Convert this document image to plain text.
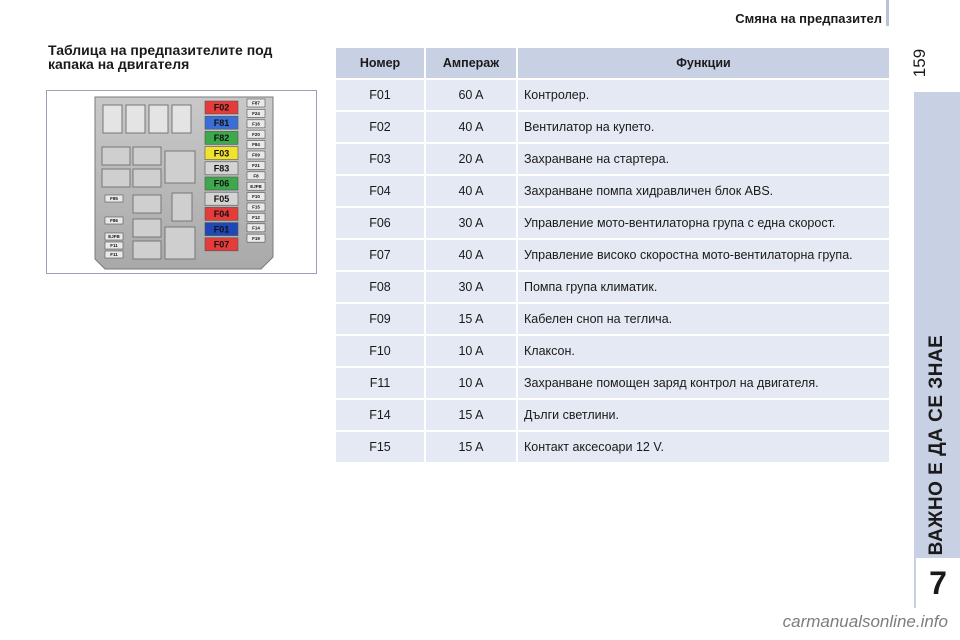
Смяна на предпазител
159
ВАЖНО Е ДА СЕ ЗНАЕ
7
Таблица на предпазителите под капака на двигателя
F02
F81
F82
F03
F83
F06
F05
F04
F01
F07
F87
F24
F16
F20
F84
F09
F21
F8
EJFB
F10
F15
F12
F14
F19
F85
F86
EJFB
F11
F11
Номер	Ампераж	Функции
F01	60 A	Контролер.
F02	40 A	Вентилатор на купето.
F03	20 A	Захранване на стартера.
F04	40 A	Захранване помпа хидравличен блок ABS.
F06	30 A	Управление мото-вентилаторна група с една скорост.
F07	40 A	Управление високо скоростна мото-вентилаторна група.
F08	30 A	Помпа група климатик.
F09	15 A	Кабелен сноп на теглича.
F10	10 A	Клаксон.
F11	10 A	Захранване помощен заряд контрол на двигателя.
F14	15 A	Дълги светлини.
F15	15 A	Контакт аксесоари 12 V.
carmanualsonline.info
